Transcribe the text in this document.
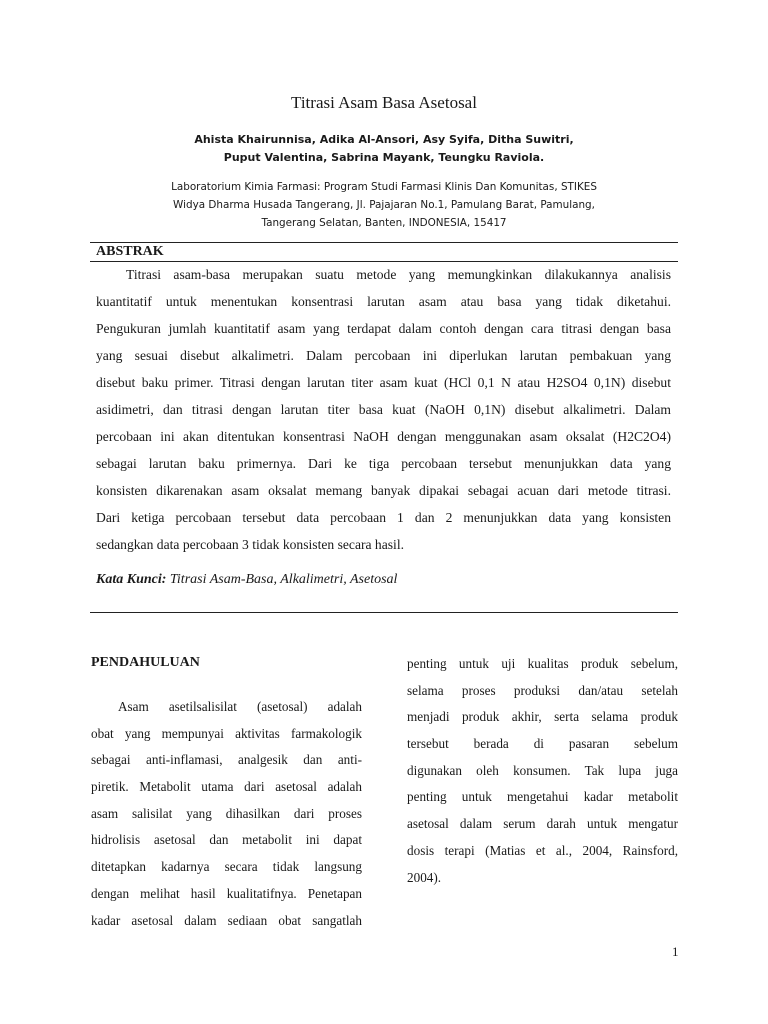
Titrasi Asam Basa Asetosal
Ahista Khairunnisa, Adika Al-Ansori, Asy Syifa, Ditha Suwitri,
Puput Valentina, Sabrina Mayank, Teungku Raviola.
Laboratorium Kimia Farmasi: Program Studi Farmasi Klinis Dan Komunitas, STIKES
Widya Dharma Husada Tangerang, Jl. Pajajaran No.1, Pamulang Barat, Pamulang,
Tangerang Selatan, Banten, INDONESIA, 15417
ABSTRAK
Titrasi asam-basa merupakan suatu metode yang memungkinkan dilakukannya analisis
kuantitatif untuk menentukan konsentrasi larutan asam atau basa yang tidak diketahui.
Pengukuran jumlah kuantitatif asam yang terdapat dalam contoh dengan cara titrasi dengan basa
yang sesuai disebut alkalimetri. Dalam percobaan ini diperlukan larutan pembakuan yang
disebut baku primer. Titrasi dengan larutan titer asam kuat (HCl 0,1 N atau H2SO4 0,1N) disebut
asidimetri, dan titrasi dengan larutan titer basa kuat (NaOH 0,1N) disebut alkalimetri. Dalam
percobaan ini akan ditentukan konsentrasi NaOH dengan menggunakan asam oksalat (H2C2O4)
sebagai larutan baku primernya. Dari ke tiga percobaan tersebut menunjukkan data yang
konsisten dikarenakan asam oksalat memang banyak dipakai sebagai acuan dari metode titrasi.
Dari ketiga percobaan tersebut data percobaan 1 dan 2 menunjukkan data yang konsisten
sedangkan data percobaan 3 tidak konsisten secara hasil.
Kata Kunci: Titrasi Asam-Basa, Alkalimetri, Asetosal
PENDAHULUAN
Asam asetilsalisilat (asetosal) adalah
obat yang mempunyai aktivitas farmakologik
sebagai anti-inflamasi, analgesik dan anti-
piretik. Metabolit utama dari asetosal adalah
asam salisilat yang dihasilkan dari proses
hidrolisis asetosal dan metabolit ini dapat
ditetapkan kadarnya secara tidak langsung
dengan melihat hasil kualitatifnya. Penetapan
kadar asetosal dalam sediaan obat sangatlah
penting untuk uji kualitas produk sebelum,
selama proses produksi dan/atau setelah
menjadi produk akhir, serta selama produk
tersebut berada di pasaran sebelum
digunakan oleh konsumen. Tak lupa juga
penting untuk mengetahui kadar metabolit
asetosal dalam serum darah untuk mengatur
dosis terapi (Matias et al., 2004, Rainsford,
2004).
1
